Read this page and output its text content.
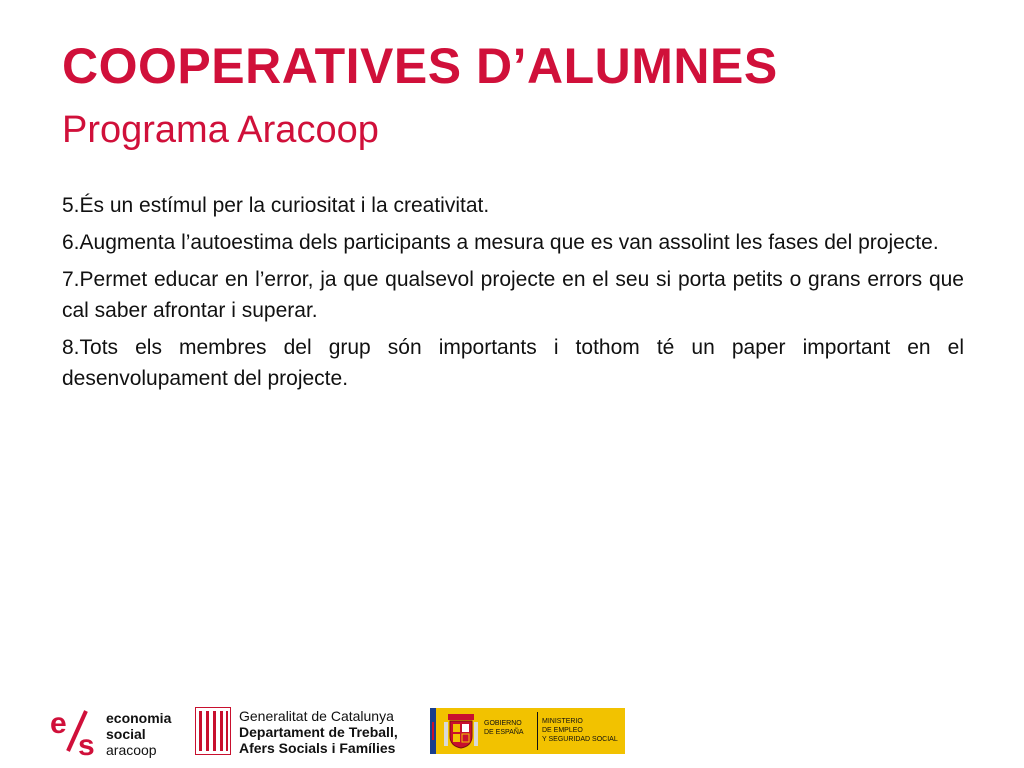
COOPERATIVES D’ALUMNES
Programa Aracoop

5.És un estímul per la curiositat i la creativitat.

6.Augmenta l’autoestima dels participants a mesura que es van assolint les fases del projecte.

7.Permet educar en l’error, ja que qualsevol projecte en el seu si porta petits o grans errors que cal saber afrontar i superar.

8.Tots els membres del grup són importants i tothom té un paper important en el desenvolupament del projecte.

e
s
economia
social
aracoop
Generalitat de Catalunya
Departament de Treball,
Afers Socials i Famílies
GOBIERNO
DE ESPAÑA
MINISTERIO
DE EMPLEO
Y SEGURIDAD SOCIAL
